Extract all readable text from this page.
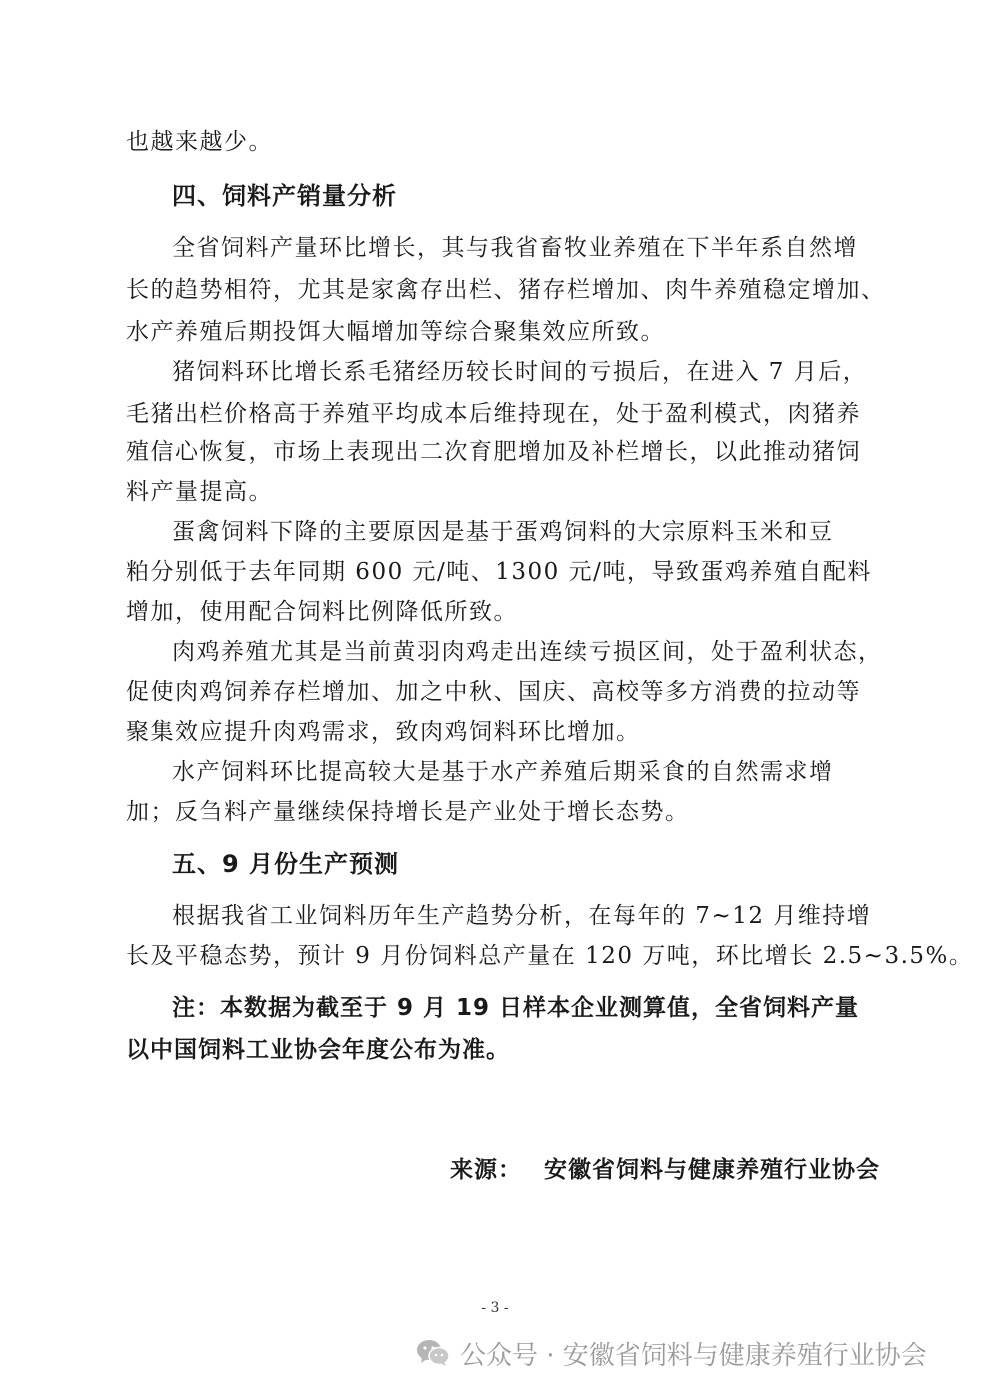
也越来越少。
四、饲料产销量分析
全省饲料产量环比增长，其与我省畜牧业养殖在下半年系自然增
长的趋势相符，尤其是家禽存出栏、猪存栏增加、肉牛养殖稳定增加、
水产养殖后期投饵大幅增加等综合聚集效应所致。
猪饲料环比增长系毛猪经历较长时间的亏损后，在进入 7 月后，
毛猪出栏价格高于养殖平均成本后维持现在，处于盈利模式，肉猪养
殖信心恢复，市场上表现出二次育肥增加及补栏增长，以此推动猪饲
料产量提高。
蛋禽饲料下降的主要原因是基于蛋鸡饲料的大宗原料玉米和豆
粕分别低于去年同期 600 元/吨、1300 元/吨，导致蛋鸡养殖自配料
增加，使用配合饲料比例降低所致。
肉鸡养殖尤其是当前黄羽肉鸡走出连续亏损区间，处于盈利状态，
促使肉鸡饲养存栏增加、加之中秋、国庆、高校等多方消费的拉动等
聚集效应提升肉鸡需求，致肉鸡饲料环比增加。
水产饲料环比提高较大是基于水产养殖后期采食的自然需求增
加；反刍料产量继续保持增长是产业处于增长态势。
五、9 月份生产预测
根据我省工业饲料历年生产趋势分析，在每年的 7~12 月维持增
长及平稳态势，预计 9 月份饲料总产量在 120 万吨，环比增长 2.5~3.5%。
注：本数据为截至于 9 月 19 日样本企业测算值，全省饲料产量
以中国饲料工业协会年度公布为准。
来源： 安徽省饲料与健康养殖行业协会
- 3 -
公众号 · 安徽省饲料与健康养殖行业协会
